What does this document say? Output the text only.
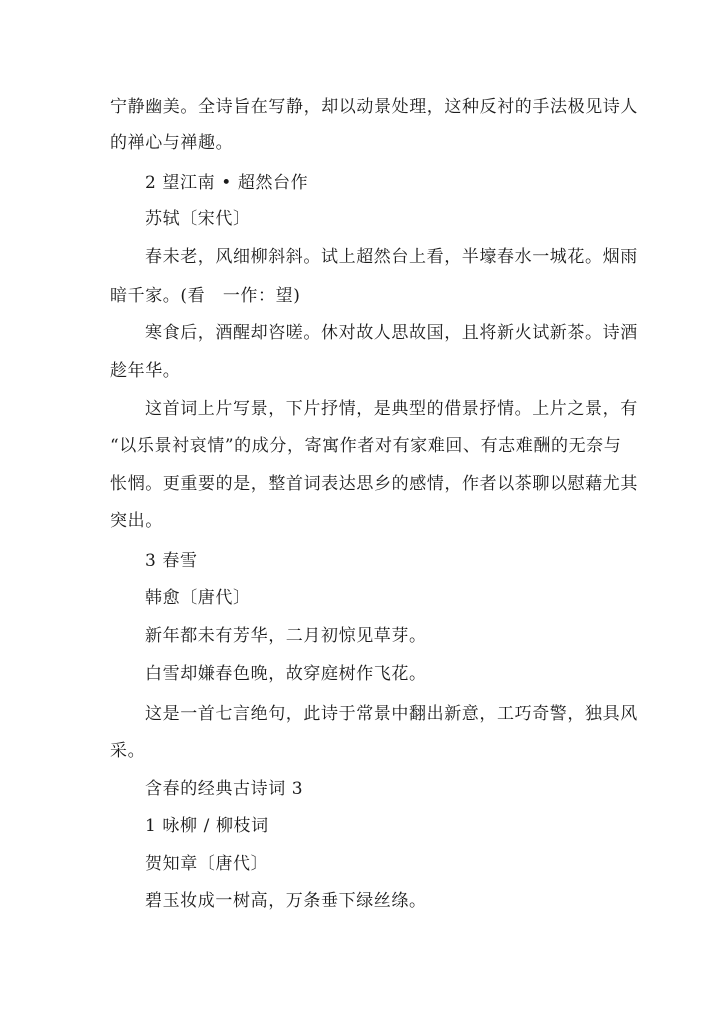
宁静幽美。全诗旨在写静，却以动景处理，这种反衬的手法极见诗人
的禅心与禅趣。
2 望江南 • 超然台作
苏轼〔宋代〕
春未老，风细柳斜斜。试上超然台上看，半壕春水一城花。烟雨
暗千家。(看　一作：望)
寒食后，酒醒却咨嗟。休对故人思故国，且将新火试新茶。诗酒
趁年华。
这首词上片写景，下片抒情，是典型的借景抒情。上片之景，有
“以乐景衬哀情”的成分，寄寓作者对有家难回、有志难酬的无奈与
怅惘。更重要的是，整首词表达思乡的感情，作者以茶聊以慰藉尤其
突出。
3 春雪
韩愈〔唐代〕
新年都未有芳华，二月初惊见草芽。
白雪却嫌春色晚，故穿庭树作飞花。
这是一首七言绝句，此诗于常景中翻出新意，工巧奇警，独具风
采。
含春的经典古诗词 3
1 咏柳 / 柳枝词
贺知章〔唐代〕
碧玉妆成一树高，万条垂下绿丝绦。
